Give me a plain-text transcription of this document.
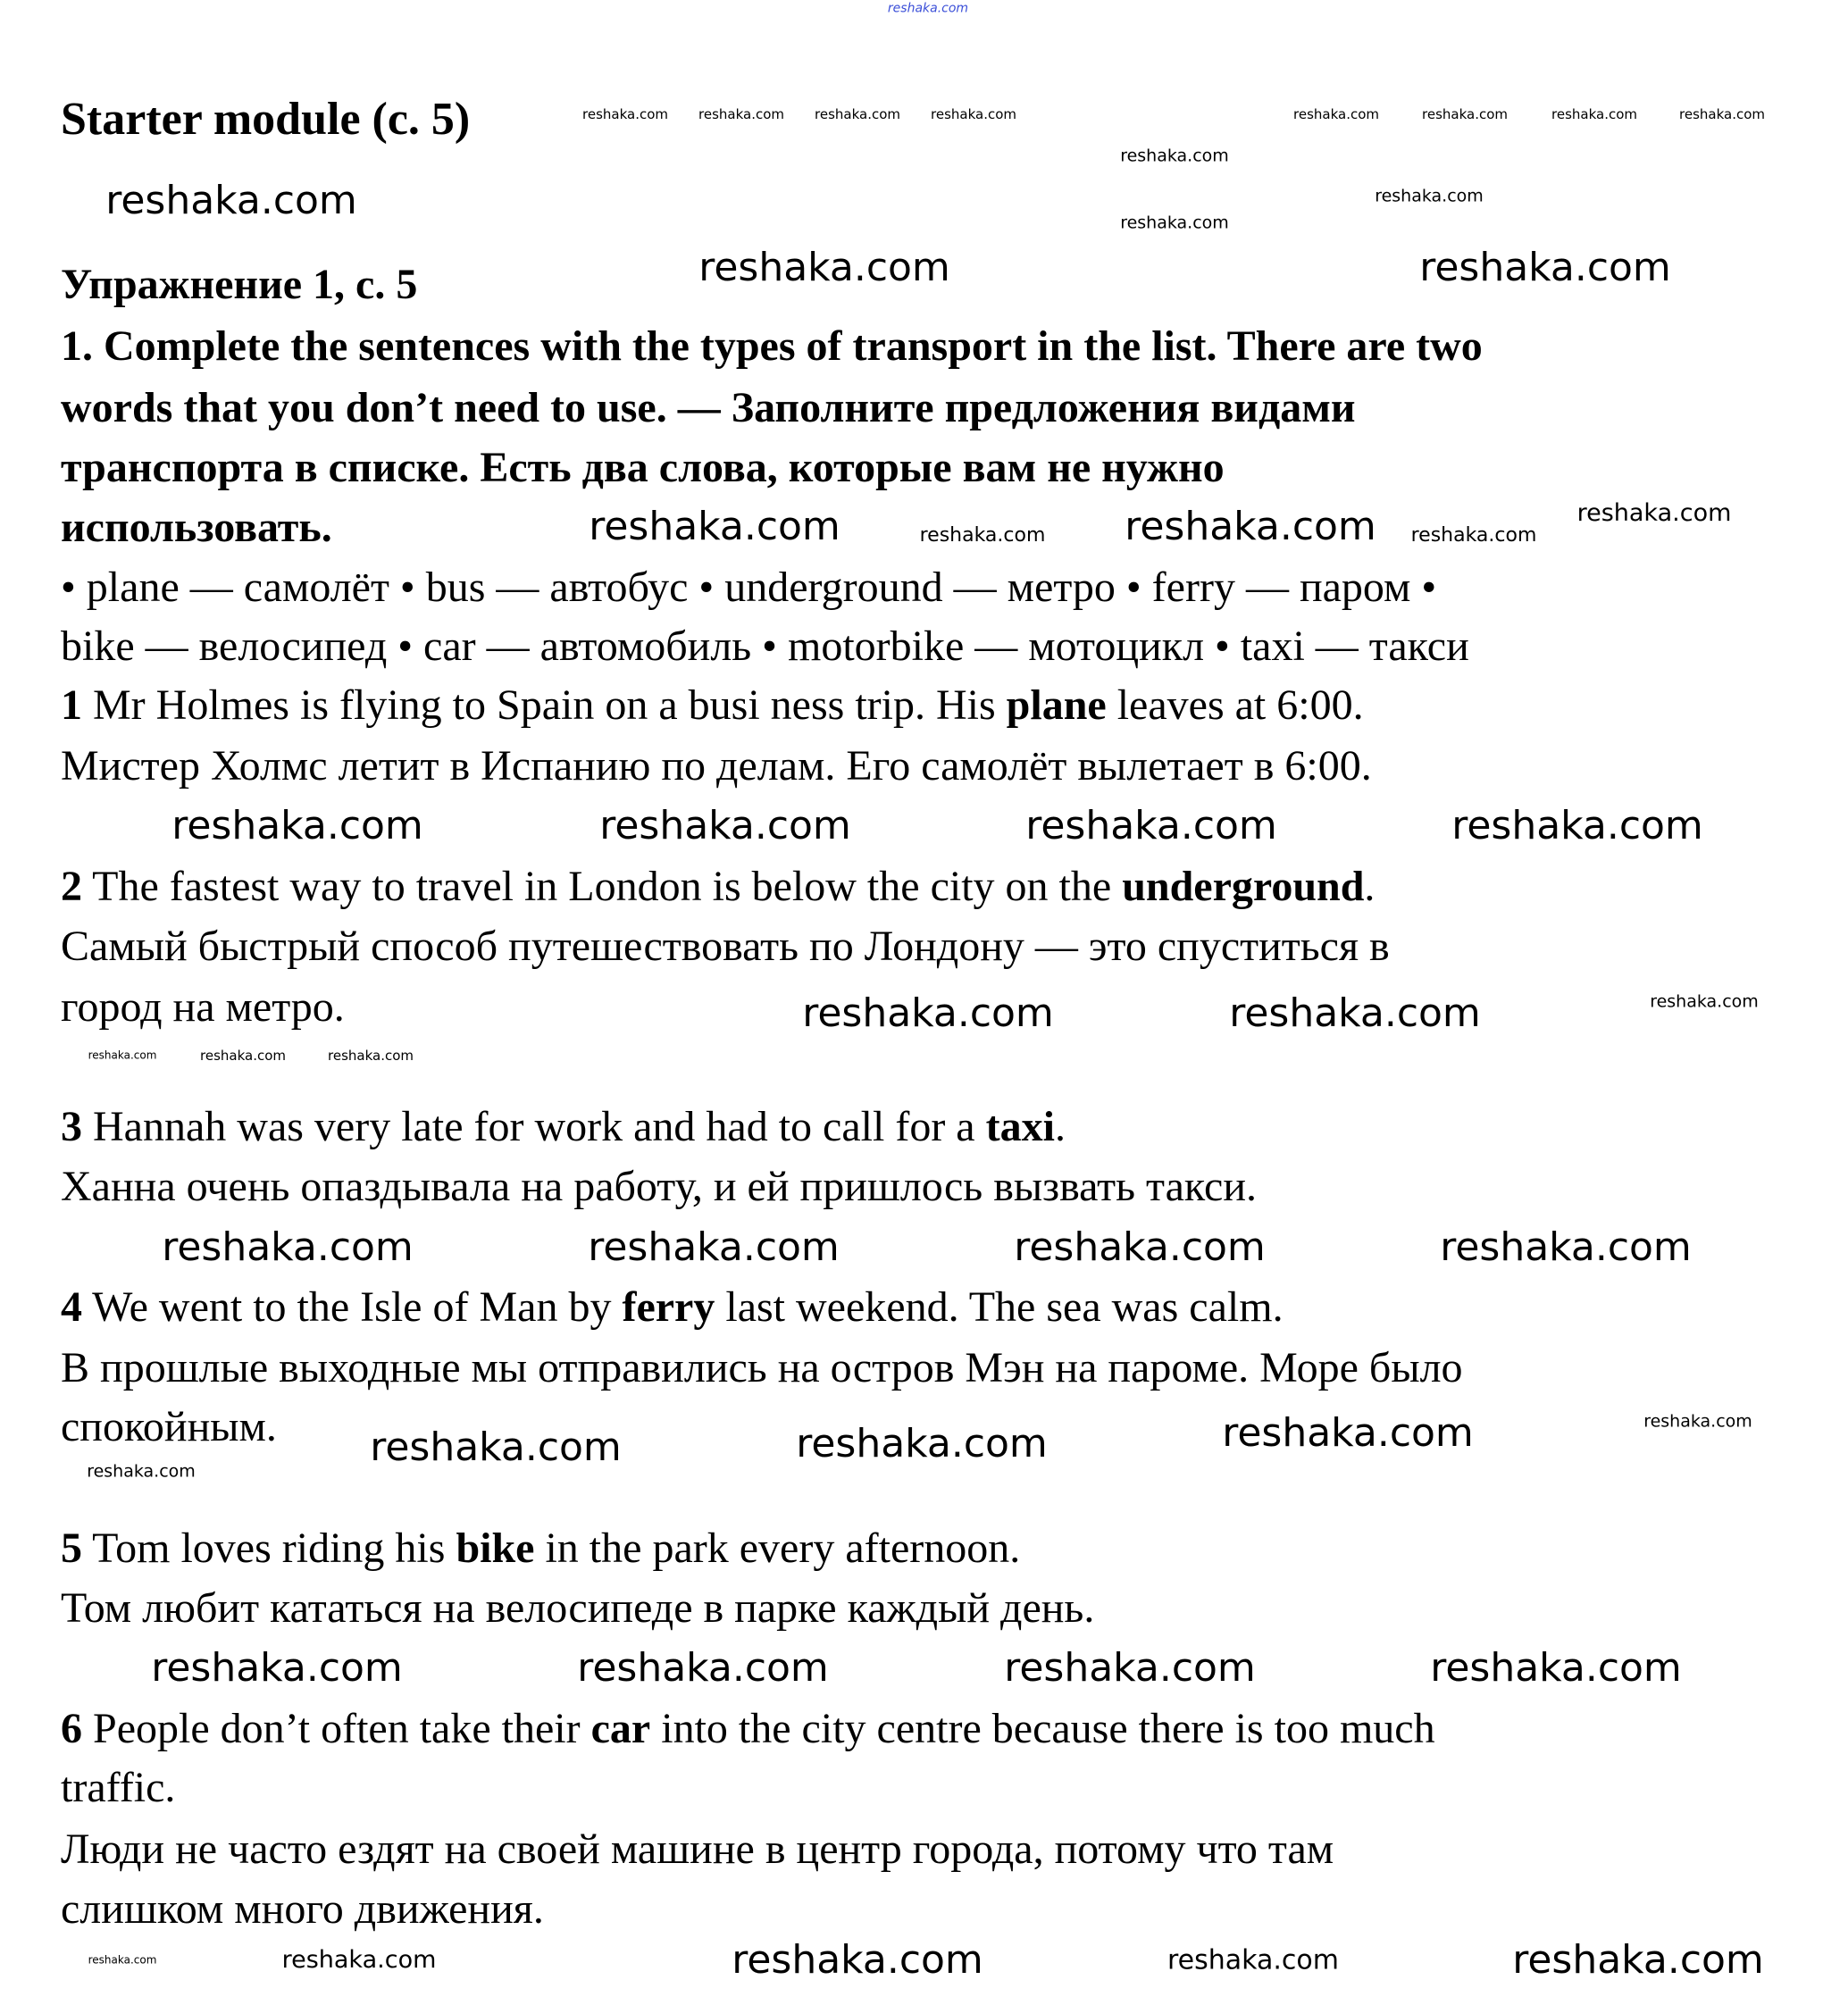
reshaka.com
reshaka.com reshaka.com reshaka.com reshaka.com	reshaka.com	reshaka.com	reshaka.com	reshaka.com
reshaka.com
reshaka.com
reshaka.com
reshaka.com	reshaka.com
reshaka.com
reshaka.com	reshaka.com	reshaka.com
reshaka.com
reshaka.com
reshaka.com
reshaka.com
reshaka.com	reshaka.com
reshaka.com
reshaka.com	reshaka.com
reshaka.com	reshaka.com
reshaka.com	reshaka.com	reshaka.com
reshaka.com
reshaka.com	reshaka.com
reshaka.com	reshaka.com	reshaka.com	reshaka.com
reshaka.com	reshaka.com	reshaka.com
reshaka.com	reshaka.com	reshaka.com	reshaka.com
reshaka.com	reshaka.com
Starter module (c. 5)
Упражнение 1, с. 5
1. Complete the sentences with the types of transport in the list. There are two
words that you don’t need to use. — Заполните предложения видами
транспорта в списке. Есть два слова, которые вам не нужно
использовать.
• plane — самолёт • bus — автобус • underground — метро • ferry — паром •
bike — велосипед • car — автомобиль • motorbike — мотоцикл • taxi — такси
1 Mr Holmes is flying to Spain on a busi ness trip. His plane leaves at 6:00.
Мистер Холмс летит в Испанию по делам. Его самолёт вылетает в 6:00.
2 The fastest way to travel in London is below the city on the underground.
Самый быстрый способ путешествовать по Лондону — это спуститься в
город на метро.
3 Hannah was very late for work and had to call for a taxi.
Ханна очень опаздывала на работу, и ей пришлось вызвать такси.
4 We went to the Isle of Man by ferry last weekend. The sea was calm.
В прошлые выходные мы отправились на остров Мэн на пароме. Море было
спокойным.
5 Tom loves riding his bike in the park every afternoon.
Том любит кататься на велосипеде в парке каждый день.
6 People don’t often take their car into the city centre because there is too much
traffic.
Люди не часто ездят на своей машине в центр города, потому что там
слишком много движения.
